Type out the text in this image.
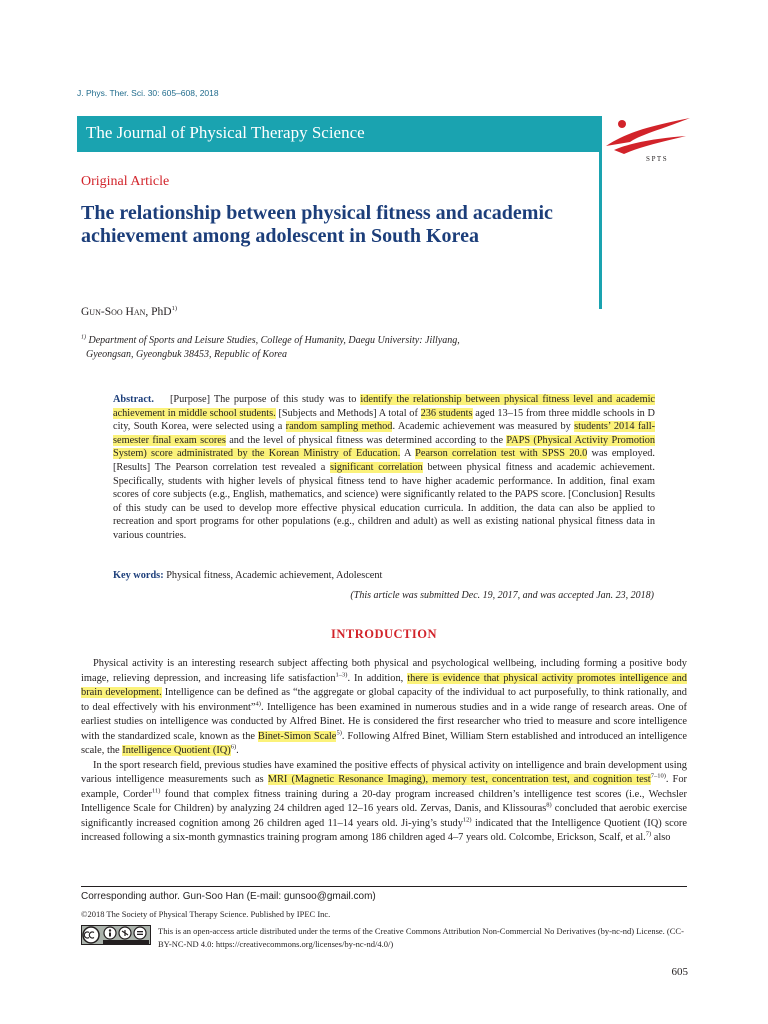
J. Phys. Ther. Sci. 30: 605–608, 2018
The Journal of Physical Therapy Science
S P T S
Original Article
The relationship between physical fitness and academic achievement among adolescent in South Korea
Gun-Soo Han, PhD$^{1)}$
$^{1)}$ Department of Sports and Leisure Studies, College of Humanity, Daegu University: Jillyang,
Gyeongsan, Gyeongbuk 38453, Republic of Korea
Abstract. [Purpose] The purpose of this study was to identify the relationship between physical fitness level and academic achievement in middle school students. [Subjects and Methods] A total of 236 students aged 13–15 from three middle schools in D city, South Korea, were selected using a random sampling method. Academic achievement was measured by students’ 2014 fall-semester final exam scores and the level of physical fitness was determined according to the PAPS (Physical Activity Promotion System) score administrated by the Korean Ministry of Education. A Pearson correlation test with SPSS 20.0 was employed. [Results] The Pearson correlation test revealed a significant correlation between physical fitness and academic achievement. Specifically, students with higher levels of physical fitness tend to have higher academic performance. In addition, final exam scores of core subjects (e.g., English, mathematics, and science) were significantly related to the PAPS score. [Conclusion] Results of this study can be used to develop more effective physical education curricula. In addition, the data can also be applied to recreation and sport programs for other populations (e.g., children and adult) as well as existing national physical fitness data in various countries.
Key words: Physical fitness, Academic achievement, Adolescent
(This article was submitted Dec. 19, 2017, and was accepted Jan. 23, 2018)
INTRODUCTION

Physical activity is an interesting research subject affecting both physical and psychological wellbeing, including forming a positive body image, relieving depression, and increasing life satisfaction$^{1-3)}$. In addition, there is evidence that physical activity promotes intelligence and brain development. Intelligence can be defined as “the aggregate or global capacity of the individual to act purposefully, to think rationally, and to deal effectively with his environment”$^{4)}$. Intelligence has been examined in numerous studies and in a wide range of research areas. One of earliest studies on intelligence was conducted by Alfred Binet. He is considered the first researcher who tried to measure and score intelligence with the standardized scale, known as the Binet-Simon Scale$^{5)}$. Following Alfred Binet, William Stern established and introduced an intelligence scale, the Intelligence Quotient (IQ)$^{6)}$.

In the sport research field, previous studies have examined the positive effects of physical activity on intelligence and brain development using various intelligence measurements such as MRI (Magnetic Resonance Imaging), memory test, concentration test, and cognition test$^{7-10)}$. For example, Corder$^{11)}$ found that complex fitness training during a 20-day program increased children’s intelligence test scores (i.e., Wechsler Intelligence Scale for Children) by analyzing 24 children aged 12–16 years old. Zervas, Danis, and Klissouras$^{8)}$ concluded that aerobic exercise significantly increased cognition among 26 children aged 11–14 years old. Ji-ying’s study$^{12)}$ indicated that the Intelligence Quotient (IQ) score increased following a six-month gymnastics training program among 186 children aged 4–7 years old. Colcombe, Erickson, Scalf, et al.$^{7)}$ also

Corresponding author. Gun-Soo Han (E-mail: gunsoo@gmail.com)
©2018 The Society of Physical Therapy Science. Published by IPEC Inc.
This is an open-access article distributed under the terms of the Creative Commons Attribution Non-Commercial No Derivatives (by-nc-nd) License. (CC-BY-NC-ND 4.0: https://creativecommons.org/licenses/by-nc-nd/4.0/)
605
